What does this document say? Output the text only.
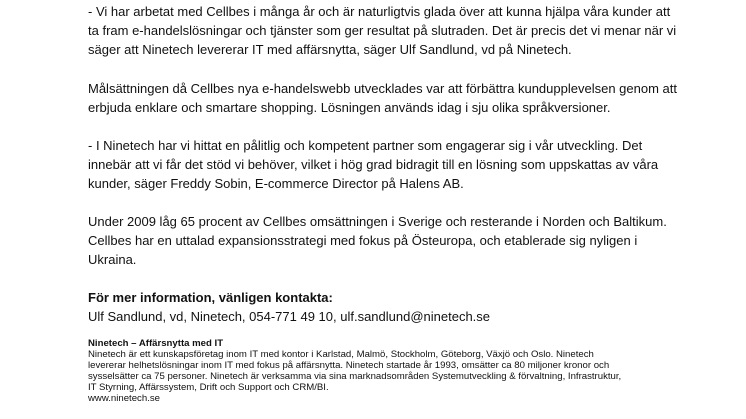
- Vi har arbetat med Cellbes i många år och är naturligtvis glada över att kunna hjälpa våra kunder att
ta fram e-handelslösningar och tjänster som ger resultat på slutraden. Det är precis det vi menar när vi
säger att Ninetech levererar IT med affärsnytta, säger Ulf Sandlund, vd på Ninetech.

Målsättningen då Cellbes nya e-handelswebb utvecklades var att förbättra kundupplevelsen genom att
erbjuda enklare och smartare shopping. Lösningen används idag i sju olika språkversioner.

- I Ninetech har vi hittat en pålitlig och kompetent partner som engagerar sig i vår utveckling. Det
innebär att vi får det stöd vi behöver, vilket i hög grad bidragit till en lösning som uppskattas av våra
kunder, säger Freddy Sobin, E-commerce Director på Halens AB.

Under 2009 låg 65 procent av Cellbes omsättningen i Sverige och resterande i Norden och Baltikum.
Cellbes har en uttalad expansionsstrategi med fokus på Östeuropa, och etablerade sig nyligen i
Ukraina.

För mer information, vänligen kontakta:
Ulf Sandlund, vd, Ninetech, 054-771 49 10, ulf.sandlund@ninetech.se

Ninetech – Affärsnytta med IT
Ninetech är ett kunskapsföretag inom IT med kontor i Karlstad, Malmö, Stockholm, Göteborg, Växjö och Oslo. Ninetech
levererar helhetslösningar inom IT med fokus på affärsnytta. Ninetech startade år 1993, omsätter ca 80 miljoner kronor och
sysselsätter ca 75 personer. Ninetech är verksamma via sina marknadsområden Systemutveckling & förvaltning, Infrastruktur,
IT Styrning, Affärssystem, Drift och Support och CRM/BI.
www.ninetech.se
